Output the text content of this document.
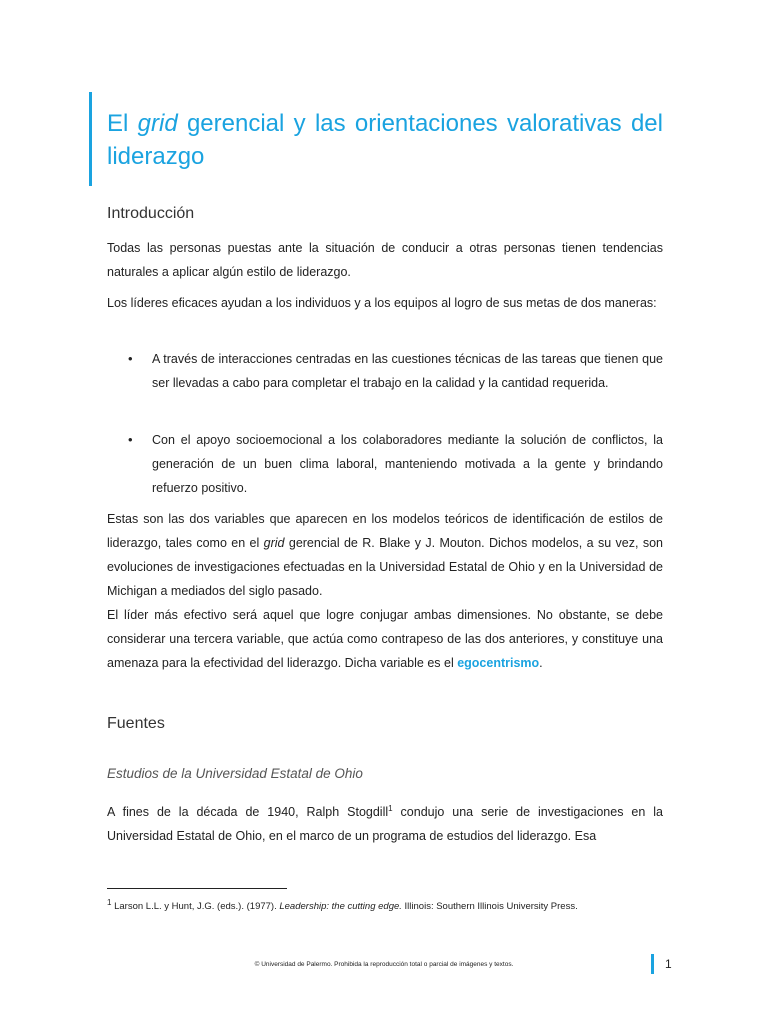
El grid gerencial y las orientaciones valorativas del liderazgo
Introducción

Todas las personas puestas ante la situación de conducir a otras personas tienen tendencias naturales a aplicar algún estilo de liderazgo.

Los líderes eficaces ayudan a los individuos y a los equipos al logro de sus metas de dos maneras:

•	A través de interacciones centradas en las cuestiones técnicas de las tareas que tienen que ser llevadas a cabo para completar el trabajo en la calidad y la cantidad requerida.

•	Con el apoyo socioemocional a los colaboradores mediante la solución de conflictos, la generación de un buen clima laboral, manteniendo motivada a la gente y brindando refuerzo positivo.

Estas son las dos variables que aparecen en los modelos teóricos de identificación de estilos de liderazgo, tales como en el grid gerencial de R. Blake y J. Mouton. Dichos modelos, a su vez, son evoluciones de investigaciones efectuadas en la Universidad Estatal de Ohio y en la Universidad de Michigan a mediados del siglo pasado.

El líder más efectivo será aquel que logre conjugar ambas dimensiones. No obstante, se debe considerar una tercera variable, que actúa como contrapeso de las dos anteriores, y constituye una amenaza para la efectividad del liderazgo. Dicha variable es el egocentrismo.

Fuentes

Estudios de la Universidad Estatal de Ohio

A fines de la década de 1940, Ralph Stogdill$^1$ condujo una serie de investigaciones en la Universidad Estatal de Ohio, en el marco de un programa de estudios del liderazgo. Esa

$^1$ Larson L.L. y Hunt, J.G. (eds.). (1977). Leadership: the cutting edge. Illinois: Southern Illinois University Press.

© Universidad de Palermo. Prohibida la reproducción total o parcial de imágenes y textos.	1
